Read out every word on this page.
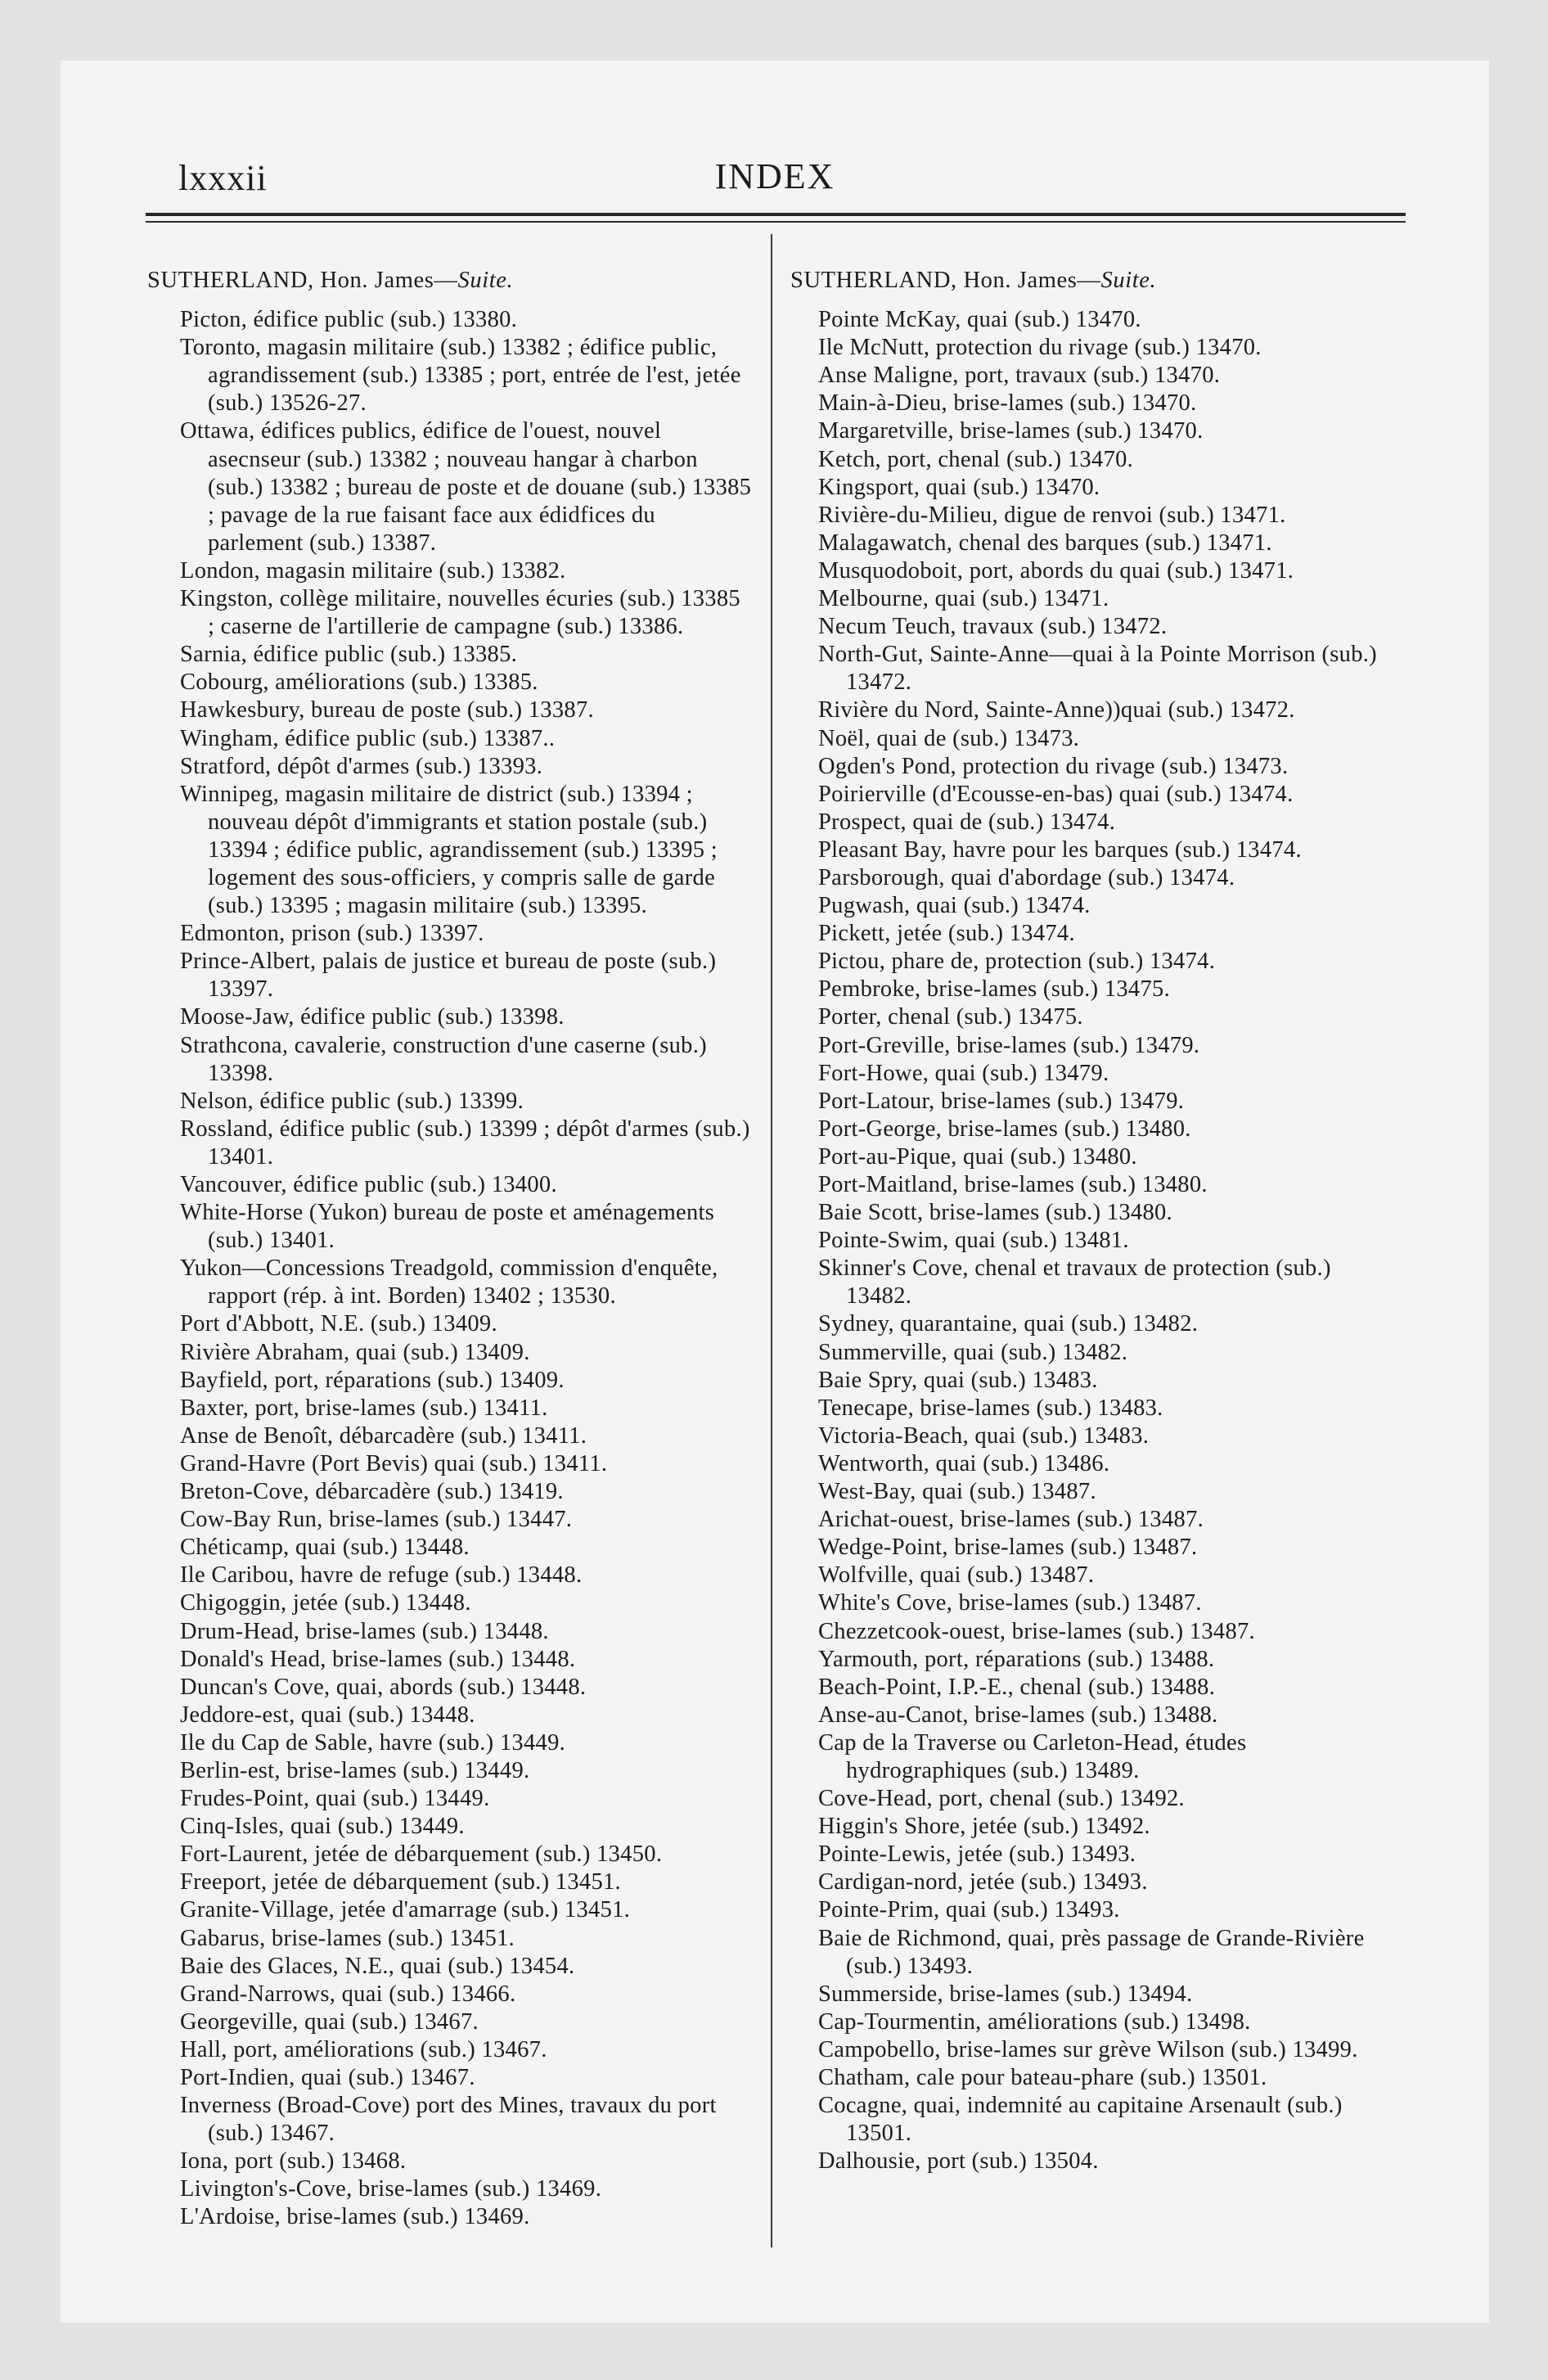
lxxxii	INDEX

SUTHERLAND, Hon. James—Suite.

Picton, édifice public (sub.) 13380.
Toronto, magasin militaire (sub.) 13382 ; édifice public, agrandissement (sub.) 13385 ; port, entrée de l'est, jetée (sub.) 13526-27.
Ottawa, édifices publics, édifice de l'ouest, nouvel asecnseur (sub.) 13382 ; nouveau hangar à charbon (sub.) 13382 ; bureau de poste et de douane (sub.) 13385 ; pavage de la rue faisant face aux édidfices du parlement (sub.) 13387.
London, magasin militaire (sub.) 13382.
Kingston, collège militaire, nouvelles écuries (sub.) 13385 ; caserne de l'artillerie de campagne (sub.) 13386.
Sarnia, édifice public (sub.) 13385.
Cobourg, améliorations (sub.) 13385.
Hawkesbury, bureau de poste (sub.) 13387.
Wingham, édifice public (sub.) 13387..
Stratford, dépôt d'armes (sub.) 13393.
Winnipeg, magasin militaire de district (sub.) 13394 ; nouveau dépôt d'immigrants et station postale (sub.) 13394 ; édifice public, agrandissement (sub.) 13395 ; logement des sous-officiers, y compris salle de garde (sub.) 13395 ; magasin militaire (sub.) 13395.
Edmonton, prison (sub.) 13397.
Prince-Albert, palais de justice et bureau de poste (sub.) 13397.
Moose-Jaw, édifice public (sub.) 13398.
Strathcona, cavalerie, construction d'une caserne (sub.) 13398.
Nelson, édifice public (sub.) 13399.
Rossland, édifice public (sub.) 13399 ; dépôt d'armes (sub.) 13401.
Vancouver, édifice public (sub.) 13400.
White-Horse (Yukon) bureau de poste et aménagements (sub.) 13401.
Yukon—Concessions Treadgold, commission d'enquête, rapport (rép. à int. Borden) 13402 ; 13530.
Port d'Abbott, N.E. (sub.) 13409.
Rivière Abraham, quai (sub.) 13409.
Bayfield, port, réparations (sub.) 13409.
Baxter, port, brise-lames (sub.) 13411.
Anse de Benoît, débarcadère (sub.) 13411.
Grand-Havre (Port Bevis) quai (sub.) 13411.
Breton-Cove, débarcadère (sub.) 13419.
Cow-Bay Run, brise-lames (sub.) 13447.
Chéticamp, quai (sub.) 13448.
Ile Caribou, havre de refuge (sub.) 13448.
Chigoggin, jetée (sub.) 13448.
Drum-Head, brise-lames (sub.) 13448.
Donald's Head, brise-lames (sub.) 13448.
Duncan's Cove, quai, abords (sub.) 13448.
Jeddore-est, quai (sub.) 13448.
Ile du Cap de Sable, havre (sub.) 13449.
Berlin-est, brise-lames (sub.) 13449.
Frudes-Point, quai (sub.) 13449.
Cinq-Isles, quai (sub.) 13449.
Fort-Laurent, jetée de débarquement (sub.) 13450.
Freeport, jetée de débarquement (sub.) 13451.
Granite-Village, jetée d'amarrage (sub.) 13451.
Gabarus, brise-lames (sub.) 13451.
Baie des Glaces, N.E., quai (sub.) 13454.
Grand-Narrows, quai (sub.) 13466.
Georgeville, quai (sub.) 13467.
Hall, port, améliorations (sub.) 13467.
Port-Indien, quai (sub.) 13467.
Inverness (Broad-Cove) port des Mines, travaux du port (sub.) 13467.
Iona, port (sub.) 13468.
Livington's-Cove, brise-lames (sub.) 13469.
L'Ardoise, brise-lames (sub.) 13469.

SUTHERLAND, Hon. James—Suite.

Pointe McKay, quai (sub.) 13470.
Ile McNutt, protection du rivage (sub.) 13470.
Anse Maligne, port, travaux (sub.) 13470.
Main-à-Dieu, brise-lames (sub.) 13470.
Margaretville, brise-lames (sub.) 13470.
Ketch, port, chenal (sub.) 13470.
Kingsport, quai (sub.) 13470.
Rivière-du-Milieu, digue de renvoi (sub.) 13471.
Malagawatch, chenal des barques (sub.) 13471.
Musquodoboit, port, abords du quai (sub.) 13471.
Melbourne, quai (sub.) 13471.
Necum Teuch, travaux (sub.) 13472.
North-Gut, Sainte-Anne—quai à la Pointe Morrison (sub.) 13472.
Rivière du Nord, Sainte-Anne))quai (sub.) 13472.
Noël, quai de (sub.) 13473.
Ogden's Pond, protection du rivage (sub.) 13473.
Poirierville (d'Ecousse-en-bas) quai (sub.) 13474.
Prospect, quai de (sub.) 13474.
Pleasant Bay, havre pour les barques (sub.) 13474.
Parsborough, quai d'abordage (sub.) 13474.
Pugwash, quai (sub.) 13474.
Pickett, jetée (sub.) 13474.
Pictou, phare de, protection (sub.) 13474.
Pembroke, brise-lames (sub.) 13475.
Porter, chenal (sub.) 13475.
Port-Greville, brise-lames (sub.) 13479.
Fort-Howe, quai (sub.) 13479.
Port-Latour, brise-lames (sub.) 13479.
Port-George, brise-lames (sub.) 13480.
Port-au-Pique, quai (sub.) 13480.
Port-Maitland, brise-lames (sub.) 13480.
Baie Scott, brise-lames (sub.) 13480.
Pointe-Swim, quai (sub.) 13481.
Skinner's Cove, chenal et travaux de protection (sub.) 13482.
Sydney, quarantaine, quai (sub.) 13482.
Summerville, quai (sub.) 13482.
Baie Spry, quai (sub.) 13483.
Tenecape, brise-lames (sub.) 13483.
Victoria-Beach, quai (sub.) 13483.
Wentworth, quai (sub.) 13486.
West-Bay, quai (sub.) 13487.
Arichat-ouest, brise-lames (sub.) 13487.
Wedge-Point, brise-lames (sub.) 13487.
Wolfville, quai (sub.) 13487.
White's Cove, brise-lames (sub.) 13487.
Chezzetcook-ouest, brise-lames (sub.) 13487.
Yarmouth, port, réparations (sub.) 13488.
Beach-Point, I.P.-E., chenal (sub.) 13488.
Anse-au-Canot, brise-lames (sub.) 13488.
Cap de la Traverse ou Carleton-Head, études hydrographiques (sub.) 13489.
Cove-Head, port, chenal (sub.) 13492.
Higgin's Shore, jetée (sub.) 13492.
Pointe-Lewis, jetée (sub.) 13493.
Cardigan-nord, jetée (sub.) 13493.
Pointe-Prim, quai (sub.) 13493.
Baie de Richmond, quai, près passage de Grande-Rivière (sub.) 13493.
Summerside, brise-lames (sub.) 13494.
Cap-Tourmentin, améliorations (sub.) 13498.
Campobello, brise-lames sur grève Wilson (sub.) 13499.
Chatham, cale pour bateau-phare (sub.) 13501.
Cocagne, quai, indemnité au capitaine Arsenault (sub.) 13501.
Dalhousie, port (sub.) 13504.
